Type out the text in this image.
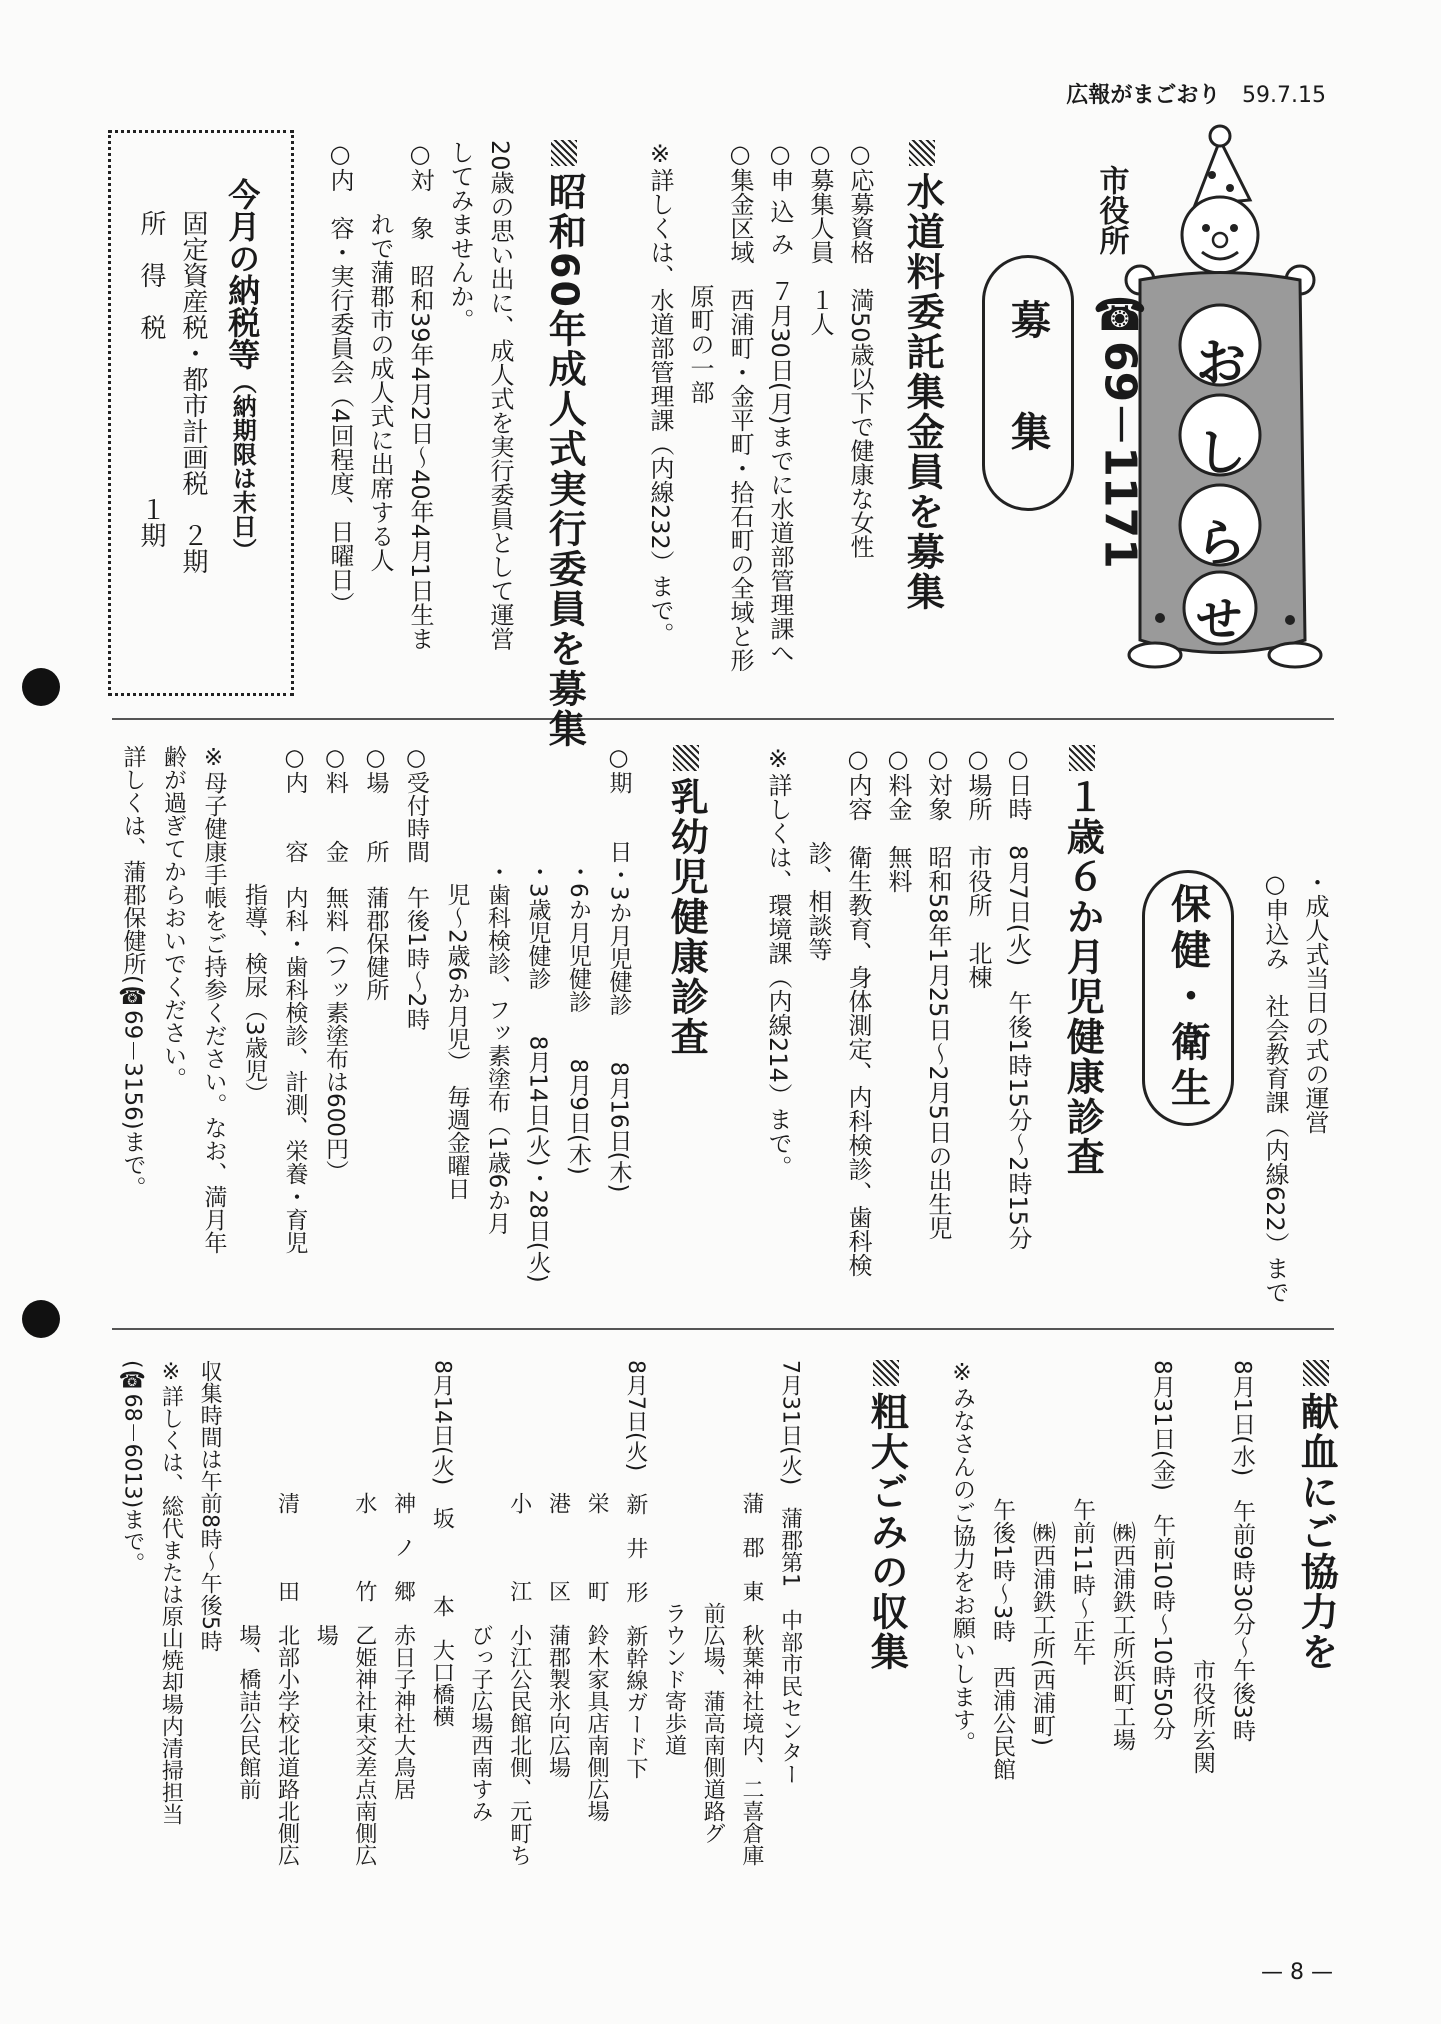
広報がまごおり 59.7.15
お
し
ら
せ
市役所
☎69－1171
募　集
水道料委託集金員を募集
○応募資格　満50歳以下で健康な女性
○募集人員　１人
○申 込 み　７月30日(月)までに水道部管理課へ
○集金区域　西浦町・金平町・拾石町の全域と形
　　　　　　原町の一部
※詳しくは、水道部管理課（内線232）まで。
昭和60年成人式実行委員を募集
20歳の思い出に、成人式を実行委員として運営
してみませんか。
○対　象　昭和39年4月2日～40年4月1日生ま
　　　れで蒲郡市の成人式に出席する人
○内　容・実行委員会（4回程度、日曜日）
今月の納税等（納期限は末日）
固定資産税・都市計画税　２期
所　得　税　　　　　　１期
・成人式当日の式の運営
○申込み　社会教育課（内線622）まで
保健・衛生
１歳６か月児健康診査
○日時　8月7日(火)　午後1時15分～2時15分
○場所　市役所　北棟
○対象　昭和58年1月25日～2月5日の出生児
○料金　無料
○内容　衛生教育、身体測定、内科検診、歯科検
　　　　診、相談等
※詳しくは、環境課（内線214）まで。
乳幼児健康診査
○期　　日・3か月児健診　　8月16日(木)
　　　　　・6か月児健診　　8月9日(木)
　　　　　・3歳児健診　　8月14日(火)・28日(火)
　　　　　・歯科検診、フッ素塗布（1歳6か月
　　　　　　児～2歳6か月児）　毎週金曜日
○受付時間　午後1時～2時
○場　　所　蒲郡保健所
○料　　金　無料（フッ素塗布は600円）
○内　　容　内科・歯科検診、計測、栄養・育児
　　　　　　指導、検尿（3歳児）
※母子健康手帳をご持参ください。なお、満月年
齢が過ぎてからおいでください。
詳しくは、蒲郡保健所(☎69－3156)まで。
献血にご協力を
8月1日(水)　午前9時30分～午後3時
　　　　　　　　　　　　　市役所玄関
8月31日(金)　午前10時～10時50分
　　　　　　　㈱西浦鉄工所浜町工場
　　　　　　午前11時～正午
　　　　　　　㈱西浦鉄工所(西浦町)
　　　　　　午後1時～3時　西浦公民館
※みなさんのご協力をお願いします。
粗大ごみの収集
7月31日(火)　蒲郡第1　中部市民センター
　　　　　　蒲　郡　東　秋葉神社境内、二喜倉庫
　　　　　　　　　　　前広場、蒲高南側道路グ
　　　　　　　　　　　ラウンド寄歩道
8月7日(火)　新　井　形　新幹線ガード下
　　　　　　栄　　　町　鈴木家具店南側広場
　　　　　　港　　　区　蒲郡製氷向広場
　　　　　　小　　　江　小江公民館北側、元町ち
　　　　　　　　　　　　びっ子広場西南すみ
8月14日(火)　坂　　　本　大口橋横
　　　　　　神　ノ　郷　赤日子神社大鳥居
　　　　　　水　　　竹　乙姫神社東交差点南側広
　　　　　　　　　　　　場
　　　　　　清　　　田　北部小学校北道路北側広
　　　　　　　　　　　　場、橋詰公民館前
収集時間は午前8時～午後5時
※詳しくは、総代または原山焼却場内清掃担当
(☎68－6013)まで。
— 8 —
